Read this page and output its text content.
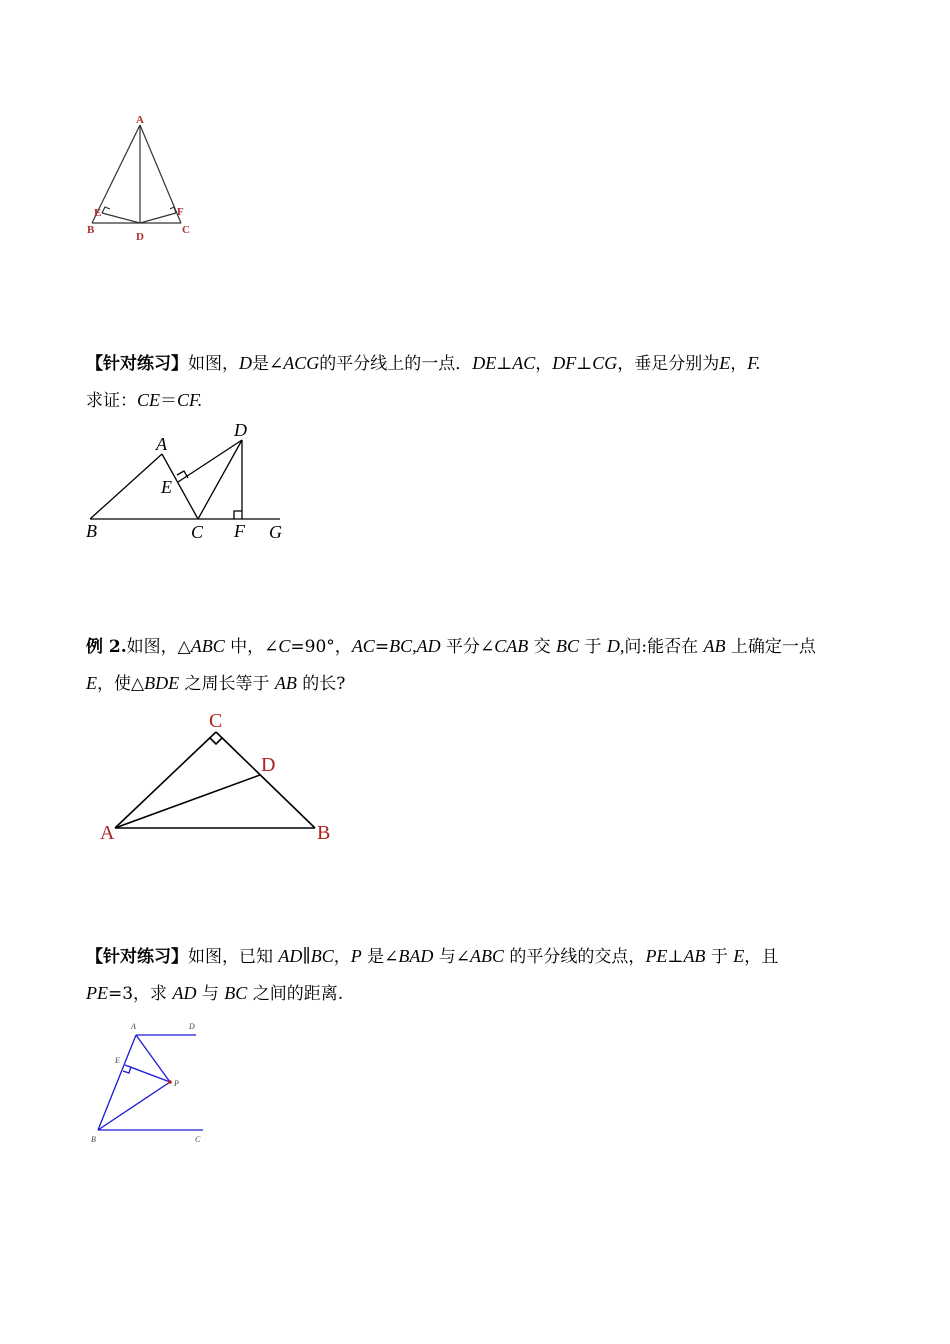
A
E	F
B
D
C

【针对练习】如图，D是∠ACG的平分线上的一点．DE⊥AC，DF⊥CG，垂足分别为E，F.
求证：CE＝CF.

A
D
E
B	C F G

例 2.如图，△ABC 中，∠C=90°，AC=BC,AD 平分∠CAB 交 BC 于 D,问:能否在 AB 上确定一点
E，使△BDE 之周长等于 AB 的长?

C
D
A	B

【针对练习】如图，已知 AD∥BC，P 是∠BAD 与∠ABC 的平分线的交点，PE⊥AB 于 E，且
PE=3，求 AD 与 BC 之间的距离.

A	D
E
P
B	C
